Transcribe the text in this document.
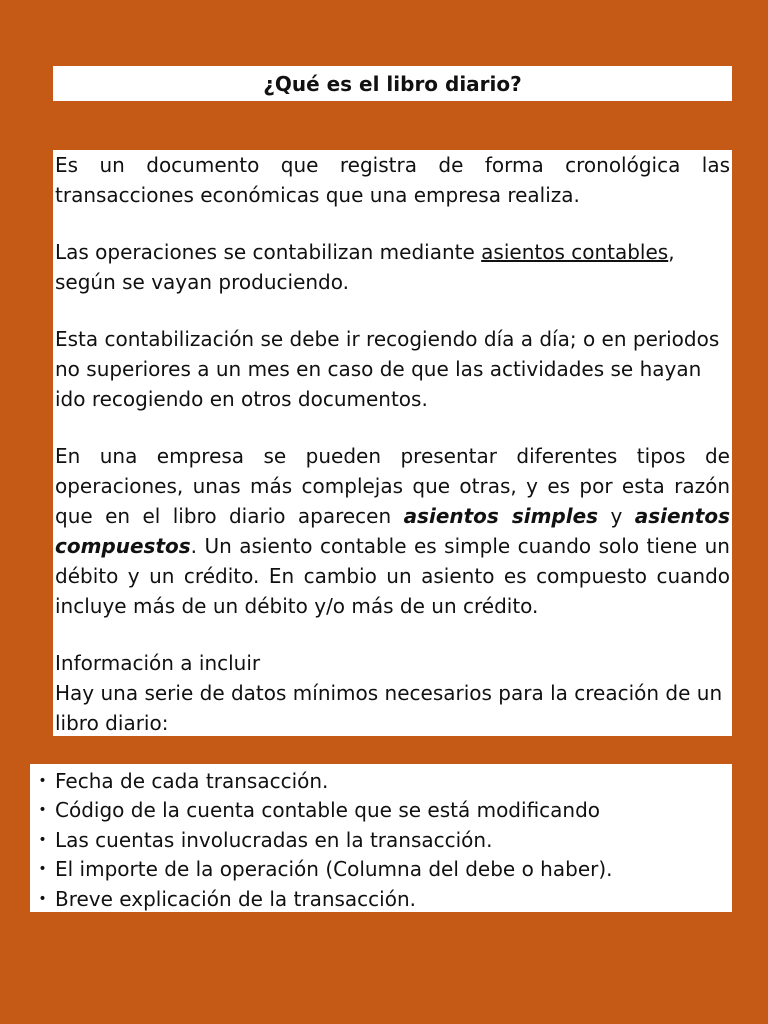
¿Qué es el libro diario?

Es un documento que registra de forma cronológica las transacciones económicas que una empresa realiza.

Las operaciones se contabilizan mediante asientos contables, según se vayan produciendo.

Esta contabilización se debe ir recogiendo día a día; o en periodos no superiores a un mes en caso de que las actividades se hayan ido recogiendo en otros documentos.

En una empresa se pueden presentar diferentes tipos de operaciones, unas más complejas que otras, y es por esta razón que en el libro diario aparecen asientos simples y asientos compuestos. Un asiento contable es simple cuando solo tiene un débito y un crédito. En cambio un asiento es compuesto cuando incluye más de un débito y/o más de un crédito.

Información a incluir

Hay una serie de datos mínimos necesarios para la creación de un libro diario:

• Fecha de cada transacción.
• Código de la cuenta contable que se está modificando
• Las cuentas involucradas en la transacción.
• El importe de la operación (Columna del debe o haber).
• Breve explicación de la transacción.
